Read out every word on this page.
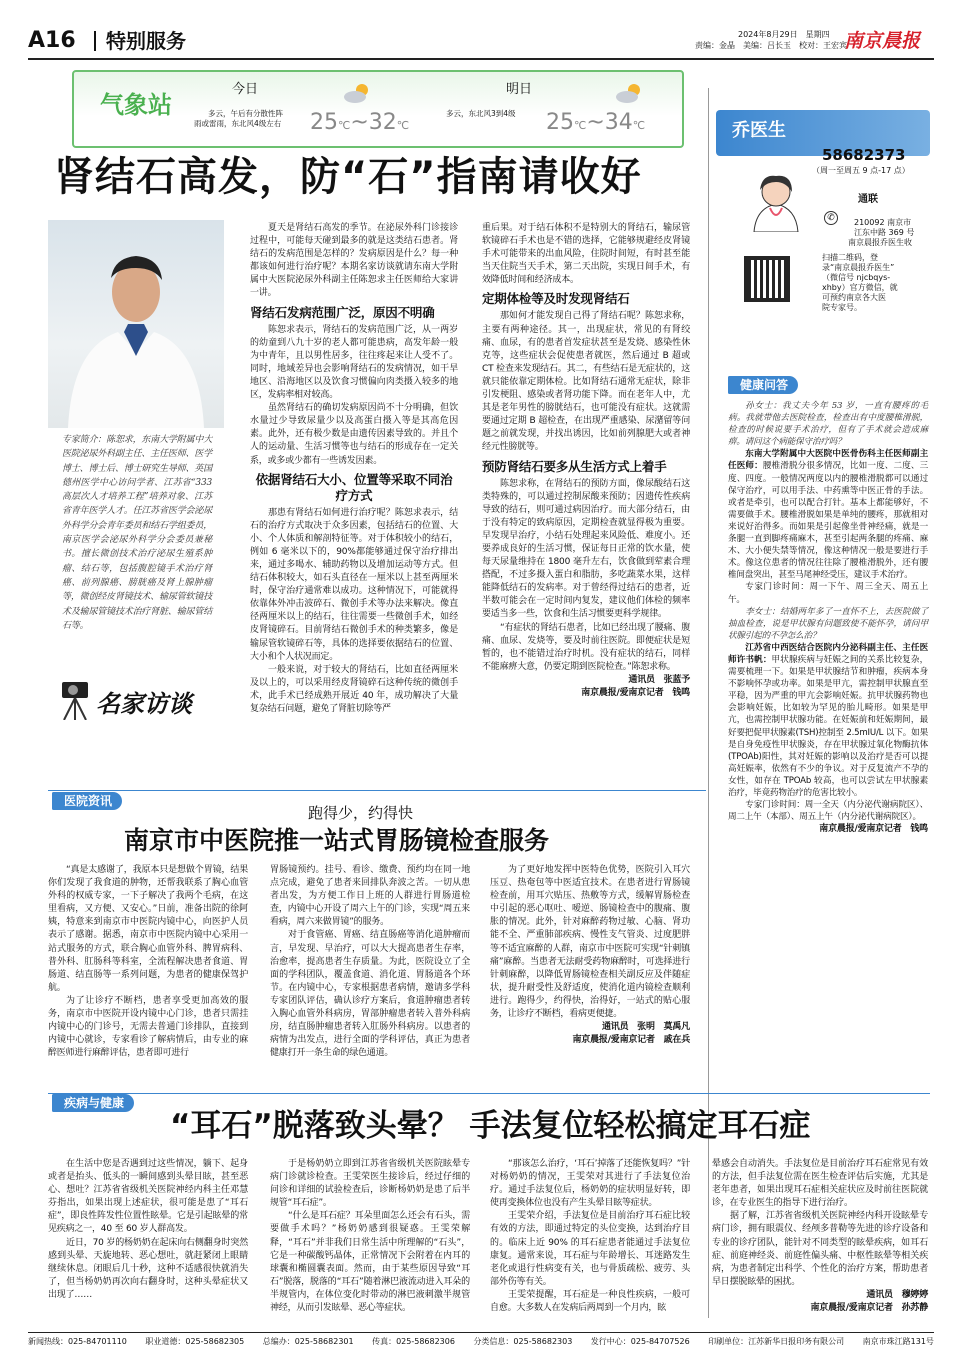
A16 特别服务	2024年8月29日　星期四
责编：金晶　美编：吕长玉　校对：王宏宾
南京晨报
气象站
今日
多云，午后有分散性阵
雨或雷雨，东北风4级左右 25℃~32℃
明日
多云，东北风3到4级 25℃~34℃
肾结石高发，防“石”指南请收好
专家简介：陈恕求，东南大学附属中大医院泌尿外科副主任、主任医师、医学博士、博士后、博士研究生导师、英国德州医学中心访问学者、江苏省“333 高层次人才培养工程”培养对象、江苏省青年医学人才。任江苏省医学会泌尿外科学分会青年委员和结石学组委员，南京医学会泌尿外科学分会委员兼秘书。擅长微创技术治疗泌尿生殖系肿瘤、结石等，包括腹腔镜手术治疗肾癌、前列腺癌、膀胱癌及肾上腺肿瘤等，微创经皮肾镜技术、输尿管软镜技术及输尿管镜技术治疗肾脏、输尿管结石等。
名家访谈

夏天是肾结石高发的季节。在泌尿外科门诊接诊过程中，可能每天碰到最多的就是这类结石患者。肾结石的发病范围是怎样的？发病原因是什么？每一种都该如何进行治疗呢？本期名家访谈就请东南大学附属中大医院泌尿外科副主任陈恕求主任医师给大家讲一讲。

肾结石发病范围广泛，原因不明确

陈恕求表示，肾结石的发病范围广泛，从一两岁的幼童到八九十岁的老人都可能患病，高发年龄一般为中青年，且以男性居多，往往疼起来让人受不了。同时，地域差异也会影响肾结石的发病情况，如干旱地区、沿海地区以及饮食习惯偏向肉类摄入较多的地区，发病率相对较高。

虽然肾结石的确切发病原因尚不十分明确，但饮水量过少导致尿量少以及高蛋白摄入等是其高危因素。此外，还有极少数是由遗传因素导致的。并且个人的运动量、生活习惯等也与结石的形成存在一定关系，或多或少都有一些诱发因素。

依据肾结石大小、位置等采取不同治疗方式

那患有肾结石如何进行治疗呢？陈恕求表示，结石的治疗方式取决于众多因素，包括结石的位置、大小、个人体质和解剖特征等。对于体积较小的结石，例如 6 毫米以下的，90%都能够通过保守治疗排出来，通过多喝水、辅助药物以及增加运动等方式。但结石体积较大，如石头直径在一厘米以上甚至两厘米时，保守治疗通常难以成功。这种情况下，可能就得依靠体外冲击波碎石、微创手术等办法来解决。像直径两厘米以上的结石，往往需要一些微创手术，如经皮肾镜碎石。目前肾结石微创手术的种类繁多，像是输尿管软镜碎石等，具体的选择要依据结石的位置、大小和个人状况而定。

一般来说，对于较大的肾结石，比如直径两厘米及以上的，可以采用经皮肾镜碎石这种传统的微创手术，此手术已经成熟开展近 40 年，成功解决了大量复杂结石问题，避免了肾脏切除等严

重后果。对于结石体积不是特别大的肾结石，输尿管软镜碎石手术也是不错的选择，它能够规避经皮肾镜手术可能带来的出血风险，住院时间短，有时甚至能当天住院当天手术，第二天出院，实现日间手术，有效降低时间和经济成本。

定期体检等及时发现肾结石

那如何才能发现自己得了肾结石呢？陈恕求称，主要有两种途径。其一，出现症状，常见的有肾绞痛、血尿，有的患者首发症状甚至是发烧、感染性休克等，这些症状会促使患者就医，然后通过 B 超或 CT 检查来发现结石。其二，有些结石是无症状的，这就只能依靠定期体检。比如肾结石通常无症状，除非引发梗阻、感染或者肾功能下降。而在老年人中，尤其是老年男性的膀胱结石，也可能没有症状。这就需要通过定期 B 超检查，在出现严重感染、尿潴留等问题之前就发现，并找出诱因，比如前列腺肥大或者神经元性膀胱等。

预防肾结石要多从生活方式上着手

陈恕求称，在肾结石的预防方面，像尿酸结石这类特殊的，可以通过控制尿酸来预防；因遗传性疾病导致的结石，则可通过病因治疗。而大部分结石，由于没有特定的致病原因，定期检查就显得极为重要。早发现早治疗，小结石处理起来风险低、难度小。还要养成良好的生活习惯，保证每日正常的饮水量，使每天尿量维持在 1800 毫升左右，饮食做到荤素合理搭配，不过多摄入蛋白和脂肪，多吃蔬菜水果，这样能降低结石的发病率。对于曾经得过结石的患者，近半数可能会在一定时间内复发，建议他们体检的频率要适当多一些，饮食和生活习惯要更科学规律。

“有症状的肾结石患者，比如已经出现了腰痛、腹痛、血尿、发烧等，要及时前往医院。即便症状是短暂的，也不能错过治疗时机。没有症状的结石，同样不能麻痹大意，仍要定期到医院检查。”陈恕求称。

通讯员　张蓝予
南京晨报/爱南京记者　钱鸣
乔医生
58682373
（周一至周五 9 点-17 点）
通联
✆	210092 南京市
江东中路 369 号
南京晨报乔医生收
扫描二维码，登
录“南京晨报乔医生”
（微信号 njcbqys-
xhby）官方微信，就
可预约南京各大医
院专家号。
健康问答

孙女士：我丈夫今年 53 岁，一直有腰疼的毛病。我就带他去医院检查，检查出有中度腰椎滑脱，检查的时候说要手术治疗，但有了手术就会造成麻痹。请问这个病能保守治疗吗？

东南大学附属中大医院中医骨伤科主任医师副主任医师：腰椎滑脱分很多情况，比如一度、二度、三度、四度。一般情况两度以内的腰椎滑脱都可以通过保守治疗，可以用手法、中药熏等中医正骨的手法。或者是牵引，也可以配合打针。基本上都能够好，不需要做手术。腰椎滑脱如果是单纯的腰疼，那就相对来说好治得多。而如果是引起像坐骨神经痛，就是一条腿一直到脚疼痛麻木，甚至引起两条腿的疼痛、麻木、大小便失禁等情况，像这种情况一般是要进行手术。像这位患者的情况往往除了腰椎滑脱外，还有腰椎间盘突出，甚至马尾神经受压，建议手术治疗。

专家门诊时间：周一下午、周三全天、周五上午。

李女士：结婚两年多了一直怀不上，去医院做了抽血检查，说是甲状腺有问题致使不能怀孕，请问甲状腺引起的不孕怎么治？

江苏省中西医结合医院内分泌科副主任、主任医师许书帆：甲状腺疾病与妊娠之间的关系比较复杂，需要梳理一下。如果是甲状腺结节和肿瘤，疾病本身不影响怀孕或功率。如果是甲亢，需控制甲状腺直至平稳，因为严重的甲亢会影响妊娠。抗甲状腺药物也会影响妊娠，比如较为罕见的胎儿畸形。如果是甲亢，也需控制甲状腺功能。在妊娠前和妊娠期间，最好要把促甲状腺素(TSH)控制至 2.5mIU/L 以下。如果是自身免疫性甲状腺炎，存在甲状腺过氧化物酶抗体(TPOAb)阳性，其对妊娠的影响以及治疗是否可以提高妊娠率，依然有不少的争议。对于反复流产不孕的女性，如存在 TPOAb 较高，也可以尝试左甲状腺素治疗，毕竟药物治疗的危害比较小。

专家门诊时间：周一全天（内分泌代谢病院区）、周二上午（本部）、周五上午（内分泌代谢病院区）。

南京晨报/爱南京记者　钱鸣
医院资讯
跑得少，约得快
南京市中医院推一站式胃肠镜检查服务

“真是太感谢了，我原本只是想做个胃镜，结果你们发现了我食道的肿物，还帮我联系了胸心血管外科的权威专家，一下子解决了我两个毛病，在这里看病，又方便、又安心。”日前，准备出院的徐阿姨，特意来到南京市中医院内镜中心，向医护人员表示了感谢。据悉，南京市中医院内镜中心采用一站式服务的方式，联合胸心血管外科、脾胃病科、普外科、肛肠科等科室，全流程解决患者食道、胃肠道、结直肠等一系列问题，为患者的健康保驾护航。

为了让诊疗不断档，患者享受更加高效的服务，南京市中医院开设内镜中心门诊，患者只需挂内镜中心的门诊号，无需去普通门诊排队，直接到内镜中心就诊，专家看诊了解病情后，由专业的麻醉医师进行麻醉评估，患者即可进行

胃肠镜预约。挂号、看诊、缴费、预约均在同一地点完成，避免了患者来回排队奔波之苦。一切从患者出发，为方便工作日上班的人群进行胃肠道检查，内镜中心开设了周六上午的门诊，实现“周五来看病，周六来做胃镜”的服务。

对于食管癌、胃癌、结直肠癌等消化道肿瘤而言，早发现、早治疗，可以大大提高患者生存率，治愈率，提高患者生存质量。为此，医院设立了全面的学科团队，覆盖食道、消化道、胃肠道各个环节。在内镜中心，专家根据患者病情，邀请多学科专家团队评估，确认诊疗方案后，食道肿瘤患者转入胸心血管外科病房，胃部肿瘤患者转入普外科病房，结直肠肿瘤患者转入肛肠外科病房。以患者的病情为出发点，进行全面的学科评估，真正为患者健康打开一条生命的绿色通道。

为了更好地发挥中医特色优势，医院引入耳穴压豆、热奄包等中医适宜技术。在患者进行胃肠镜检查前，用耳穴贴压、热敷等方式，缓解胃肠检查中引起的恶心呕吐、嗳逆、肠镜检查中的腹痛、腹胀的情况。此外，针对麻醉药物过敏、心脑、肾功能不全、严重肺部疾病、慢性支气管炎、过度肥胖等不适宜麻醉的人群，南京市中医院可实现“针刺镇痛”麻醉。当患者无法耐受药物麻醉时，可选择进行针刺麻醉，以降低胃肠镜检查相关副反应及伴随症状，提升耐受性及舒适度，使消化道内镜检查顺利进行。跑得少，约得快，治得好，一站式的贴心服务，让诊疗不断档，看病更便捷。

通讯员　张明　莫禹凡
南京晨报/爱南京记者　戚在兵
疾病与健康
“耳石”脱落致头晕？ 手法复位轻松搞定耳石症

在生活中您是否遇到过这些情况，躺下、起身或者是抬头、低头的一瞬间感到头晕目眩，甚至恶心、想吐？江苏省省级机关医院神经内科主任邓慧芬指出，如果出现上述症状，很可能是患了“耳石症”，即良性阵发性位置性眩晕。它是引起眩晕的常见疾病之一，40 至 60 岁人群高发。

近日，70 岁的杨奶奶在起床向右侧翻身时突然感到头晕、天旋地转、恶心想吐，就赶紧闭上眼睛继续休息。闭眼后几十秒，这种不适感很快就消失了，但当杨奶奶再次向右翻身时，这种头晕症状又出现了……

于是杨奶奶立即到江苏省省级机关医院眩晕专病门诊就诊检查。王雯荣医生接诊后，经过仔细的问诊和详细的试验检查后，诊断杨奶奶是患了后半规管“耳石症”。

“什么是耳石症？耳朵里面怎么还会有石头，需要做手术吗？”杨奶奶感到很疑惑。王雯荣解释，“耳石”并非我们日常生活中所理解的“石头”，它是一种碳酸钙晶体，正常情况下会附着在内耳的球囊和椭圆囊表面。然而，由于某些原因导致“耳石”脱落，脱落的“耳石”随着淋巴液流动进入耳朵的半规管内，在体位变化时带动的淋巴液刺激半规管神经，从而引发眩晕、恶心等症状。

“那该怎么治疗，‘耳石’掉落了还能恢复吗？”针对杨奶奶的情况，王雯荣对其进行了手法复位治疗。通过手法复位后，杨奶奶的症状明显好转，即使再变换体位也没有产生头晕目眩等症状。

王雯荣介绍，手法复位是目前治疗耳石症比较有效的方法，即通过特定的头位变换，达到治疗目的。临床上近 90% 的耳石症患者能通过手法复位康复。通常来说，耳石症与年龄增长、耳迷路发生老化或退行性病变有关，也与骨质疏松、疲劳、头部外伤等有关。

王雯荣提醒，耳石症是一种良性疾病，一般可自愈。大多数人在发病后两周到一个月内，眩

晕感会自动消失。手法复位是目前治疗耳石症常见有效的方法，但手法复位需在医生检查评估后实施，尤其是老年患者，如果出现耳石症相关症状应及时前往医院就诊，在专业医生的指导下进行治疗。

据了解，江苏省省级机关医院神经内科开设眩晕专病门诊，拥有眼震仪、经颅多普勒等先进的诊疗设备和专业的诊疗团队，能针对不同类型的眩晕疾病，如耳石症、前庭神经炎、前庭性偏头痛、中枢性眩晕等相关疾病，为患者制定出科学、个性化的治疗方案，帮助患者早日摆脱眩晕的困扰。

通讯员　穆婷婷
南京晨报/爱南京记者　孙苏静
新闻热线：025-84701110 职业道德：025-58682305 总编办：025-58682301 传真：025-58682306 分类信息：025-58682303 发行中心：025-84707526 印刷单位：江苏新华日报印务有限公司 南京市珠江路131号
